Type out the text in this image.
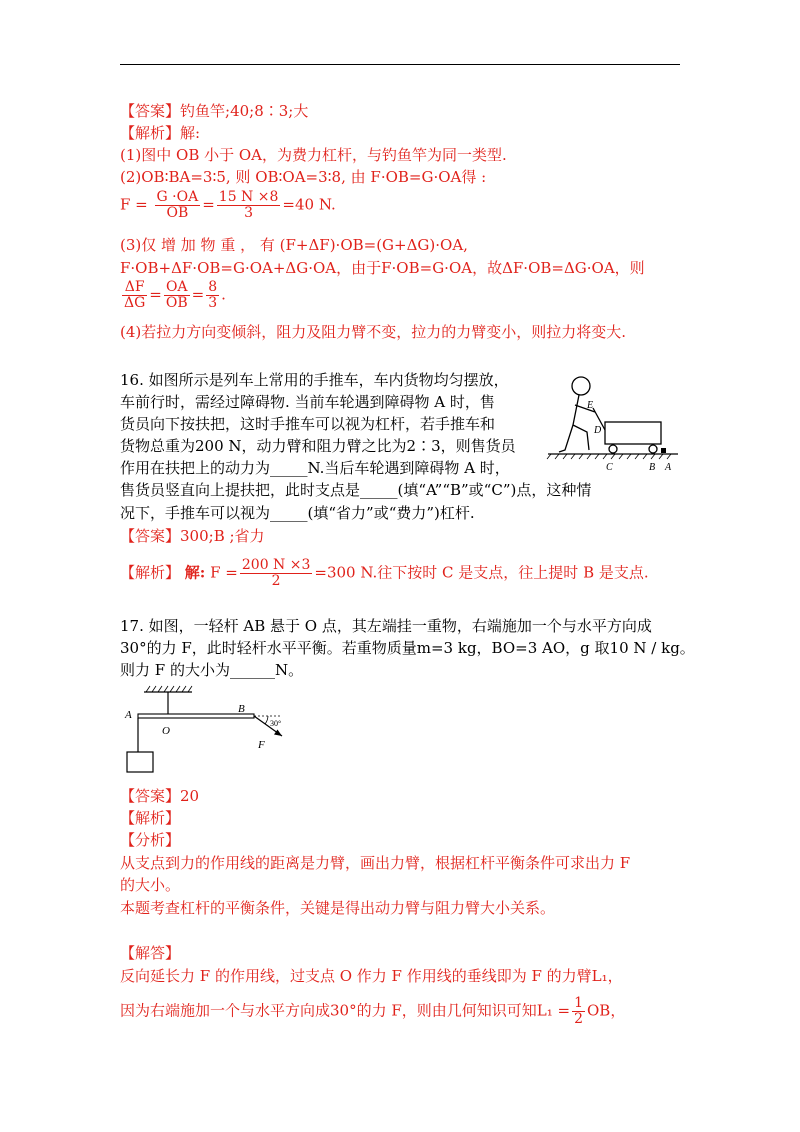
【答案】钓鱼竿;40;8∶3;大
【解析】解:
(1)图中 OB 小于 OA，为费力杠杆，与钓鱼竿为同一类型.
(2)OB∶BA=3∶5, 则 OB∶OA=3∶8, 由 F·OB=G·OA得 :
$F = \frac{G \cdot OA}{OB} = \frac{15 N \times 8}{3} =40$ N.
(3)仅 增 加 物 重 ， 有 (F+ΔF)·OB=(G+ΔG)·OA,
F·OB+ΔF·OB=G·OA+ΔG·OA，由于F·OB=G·OA，故ΔF·OB=ΔG·OA，则
$\frac{\Delta F}{\Delta G} = \frac{OA}{OB} = \frac{8}{3}$ .
(4)若拉力方向变倾斜，阻力及阻力臂不变，拉力的力臂变小，则拉力将变大.
16. 如图所示是列车上常用的手推车，车内货物均匀摆放，
车前行时，需经过障碍物. 当前车轮遇到障碍物 A 时，售
货员向下按扶把，这时手推车可以视为杠杆，若手推车和
货物总重为200 N，动力臂和阻力臂之比为2∶3，则售货员
作用在扶把上的动力为_____N.当后车轮遇到障碍物 A 时，
售货员竖直向上提扶把，此时支点是_____(填“A”“B”或“C”)点，这种情
况下，手推车可以视为_____(填“省力”或“费力”)杠杆.
【答案】300;B ;省力
【解析】 解: $F = \frac{200 N \times 3}{2} =300$ N.往下按时 C 是支点，往上提时 B 是支点.
E
D
C	B A
17. 如图，一轻杆 AB 悬于 O 点，其左端挂一重物，右端施加一个与水平方向成
30°的力 F，此时轻杆水平平衡。若重物质量m=3 kg，BO=3 AO，g 取10 N / kg。
则力 F 的大小为______N。
A
O
B
30°
F
【答案】20
【解析】
【分析】
从支点到力的作用线的距离是力臂，画出力臂，根据杠杆平衡条件可求出力 F
的大小。
本题考查杠杆的平衡条件，关键是得出动力臂与阻力臂大小关系。
【解答】
反向延长力 F 的作用线，过支点 O 作力 F 作用线的垂线即为 F 的力臂L₁，
因为右端施加一个与水平方向成30°的力 F，则由几何知识可知$L_1 = \frac{1}{2}$ OB，
